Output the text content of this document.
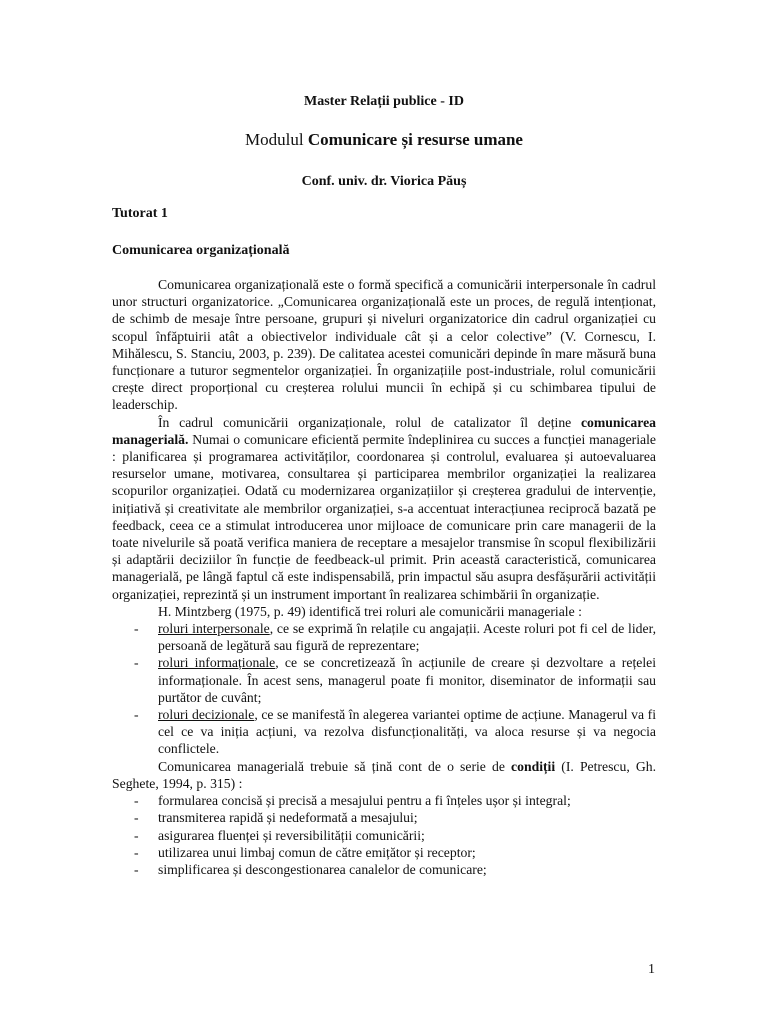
Master Relații publice - ID
Modulul Comunicare și resurse umane
Conf. univ. dr. Viorica Păuș
Tutorat 1
Comunicarea organizațională

Comunicarea organizațională este o formă specifică a comunicării interpersonale în cadrul unor structuri organizatorice. „Comunicarea organizațională este un proces, de regulă intenționat, de schimb de mesaje între persoane, grupuri și niveluri organizatorice din cadrul organizației cu scopul înfăptuirii atât a obiectivelor individuale cât și a celor colective” (V. Cornescu, I. Mihălescu, S. Stanciu, 2003, p. 239). De calitatea acestei comunicări depinde în mare măsură buna funcționare a tuturor segmentelor organizației. În organizațiile post-industriale, rolul comunicării crește direct proporțional cu creșterea rolului muncii în echipă și cu schimbarea tipului de leaderschip.

În cadrul comunicării organizaționale, rolul de catalizator îl deține comunicarea managerială. Numai o comunicare eficientă permite îndeplinirea cu succes a funcției manageriale : planificarea și programarea activităților, coordonarea și controlul, evaluarea și autoevaluarea resurselor umane, motivarea, consultarea și participarea membrilor organizației la realizarea scopurilor organizației. Odată cu modernizarea organizațiilor și creșterea gradului de intervenție, inițiativă și creativitate ale membrilor organizației, s-a accentuat interacțiunea reciprocă bazată pe feedback, ceea ce a stimulat introducerea unor mijloace de comunicare prin care managerii de la toate nivelurile să poată verifica maniera de receptare a mesajelor transmise în scopul flexibilizării și adaptării deciziilor în funcție de feedbeack-ul primit. Prin această caracteristică, comunicarea managerială, pe lângă faptul că este indispensabilă, prin impactul său asupra desfășurării activității organizației, reprezintă și un instrument important în realizarea schimbării în organizație.

H. Mintzberg (1975, p. 49) identifică trei roluri ale comunicării manageriale :

- roluri interpersonale, ce se exprimă în relațile cu angajații. Aceste roluri pot fi cel de lider, persoană de legătură sau figură de reprezentare;
- roluri informaționale, ce se concretizează în acțiunile de creare și dezvoltare a rețelei informaționale. În acest sens, managerul poate fi monitor, diseminator de informații sau purtător de cuvânt;
- roluri decizionale, ce se manifestă în alegerea variantei optime de acțiune. Managerul va fi cel ce va iniția acțiuni, va rezolva disfuncționalități, va aloca resurse și va negocia conflictele.

Comunicarea managerială trebuie să țină cont de o serie de condiții (I. Petrescu, Gh. Seghete, 1994, p. 315) :

- formularea concisă și precisă a mesajului pentru a fi înțeles ușor și integral;
- transmiterea rapidă și nedeformată a mesajului;
- asigurarea fluenței și reversibilității comunicării;
- utilizarea unui limbaj comun de către emițător și receptor;
- simplificarea și descongestionarea canalelor de comunicare;
1
